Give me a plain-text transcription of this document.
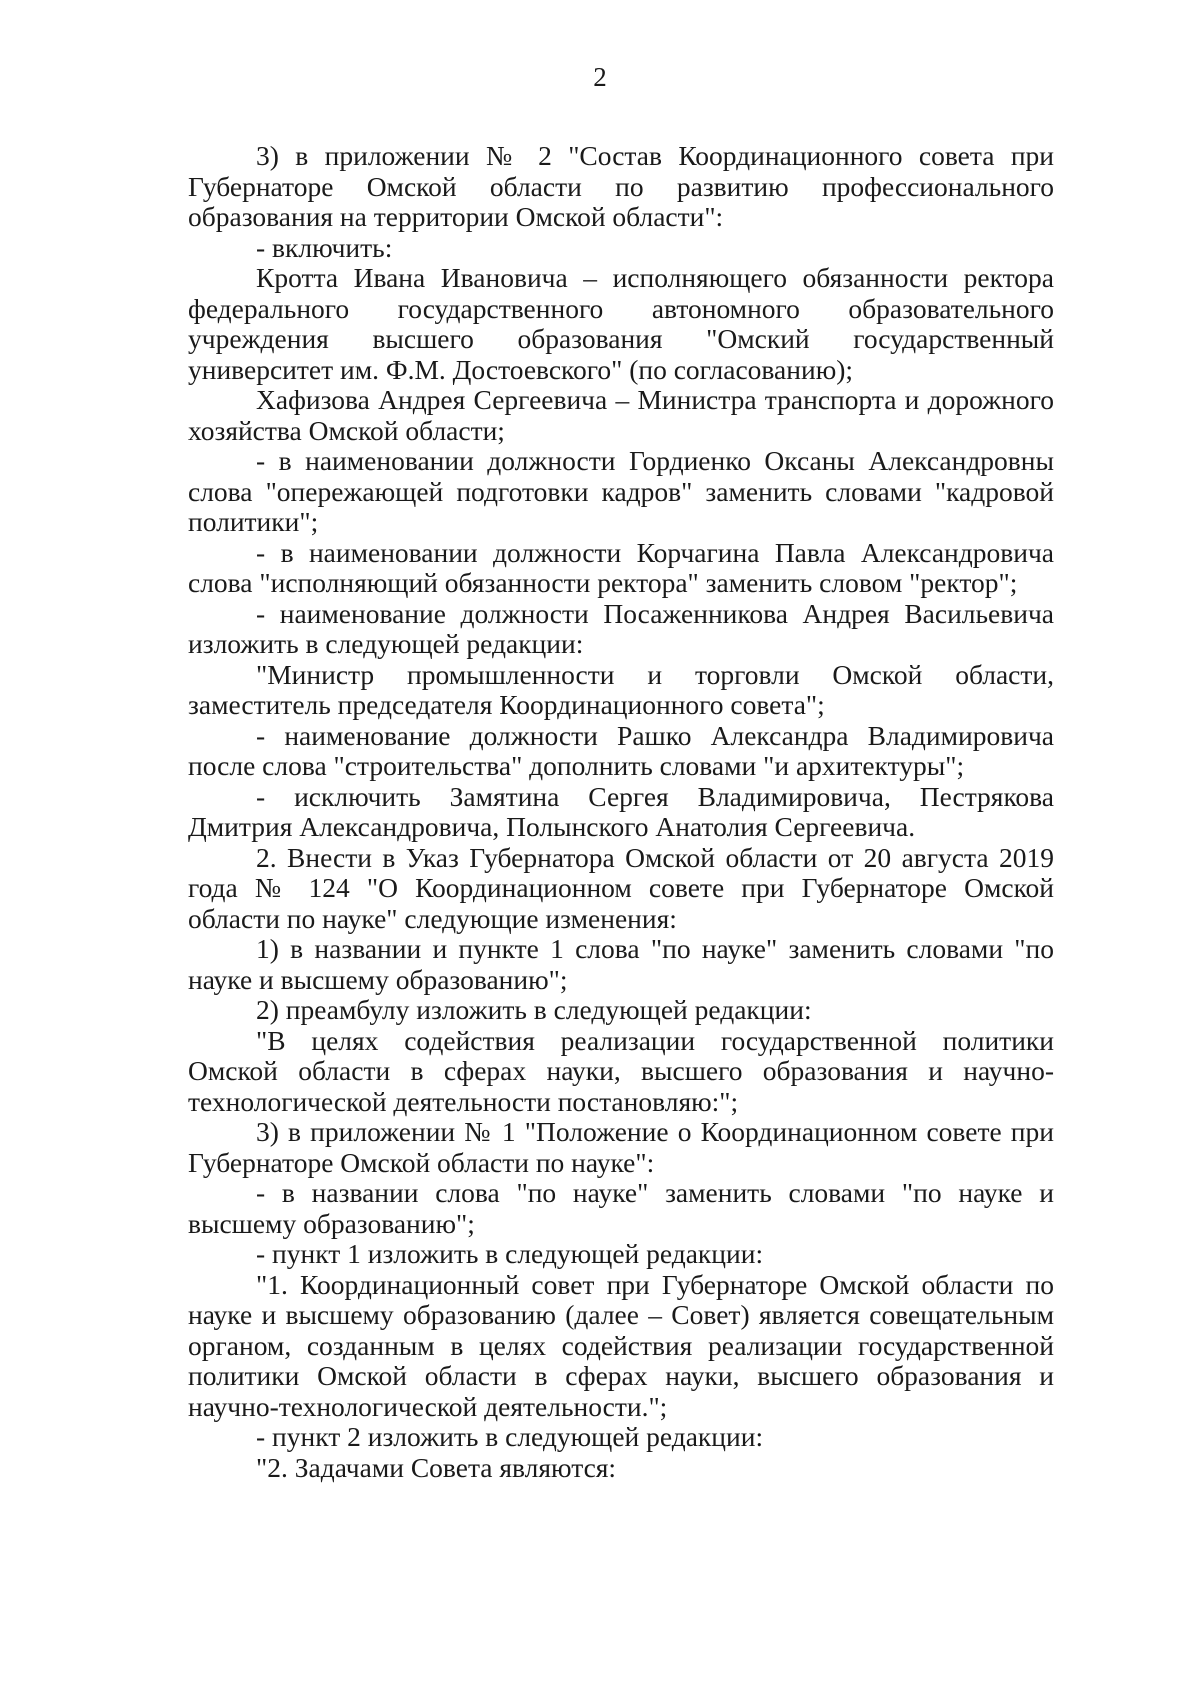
2

3) в приложении № 2 "Состав Координационного совета при Губернаторе Омской области по развитию профессионального образования на территории Омской области":

- включить:

Кротта Ивана Ивановича – исполняющего обязанности ректора федерального государственного автономного образовательного учреждения высшего образования "Омский государственный университет им. Ф.М. Достоевского" (по согласованию);

Хафизова Андрея Сергеевича – Министра транспорта и дорожного хозяйства Омской области;

- в наименовании должности Гордиенко Оксаны Александровны слова "опережающей подготовки кадров" заменить словами "кадровой политики";

- в наименовании должности Корчагина Павла Александровича слова "исполняющий обязанности ректора" заменить словом "ректор";

- наименование должности Посаженникова Андрея Васильевича изложить в следующей редакции:

"Министр промышленности и торговли Омской области, заместитель председателя Координационного совета";

- наименование должности Рашко Александра Владимировича после слова "строительства" дополнить словами "и архитектуры";

- исключить Замятина Сергея Владимировича, Пестрякова Дмитрия Александровича, Полынского Анатолия Сергеевича.

2. Внести в Указ Губернатора Омской области от 20 августа 2019 года № 124 "О Координационном совете при Губернаторе Омской области по науке" следующие изменения:

1) в названии и пункте 1 слова "по науке" заменить словами "по науке и высшему образованию";

2) преамбулу изложить в следующей редакции:

"В целях содействия реализации государственной политики Омской области в сферах науки, высшего образования и научно-технологической деятельности постановляю:";

3) в приложении № 1 "Положение о Координационном совете при Губернаторе Омской области по науке":

- в названии слова "по науке" заменить словами "по науке и высшему образованию";

- пункт 1 изложить в следующей редакции:

"1. Координационный совет при Губернаторе Омской области по науке и высшему образованию (далее – Совет) является совещательным органом, созданным в целях содействия реализации государственной политики Омской области в сферах науки, высшего образования и научно-технологической деятельности.";

- пункт 2 изложить в следующей редакции:

"2. Задачами Совета являются:
